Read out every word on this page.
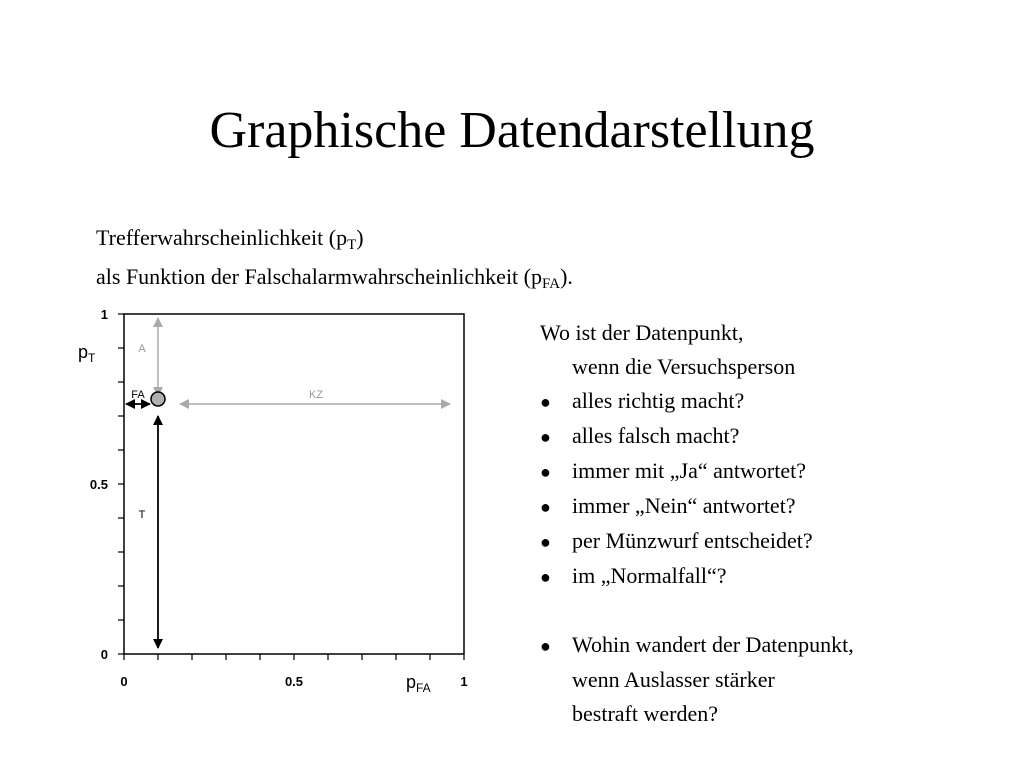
Graphische Datendarstellung
Trefferwahrscheinlichkeit $(p_T)$
als Funktion der Falschalarmwahrscheinlichkeit $(p_{FA})$.
1
0.5
0
0	0.5	1
$p_T$
$p_{FA}$
A
KZ
FA
T
Wo ist der Datenpunkt,
wenn die Versuchsperson
● alles richtig macht?
● alles falsch macht?
● immer mit „Ja“ antwortet?
● immer „Nein“ antwortet?
● per Münzwurf entscheidet?
● im „Normalfall“?
● Wohin wandert der Datenpunkt,
wenn Auslasser stärker
bestraft werden?
